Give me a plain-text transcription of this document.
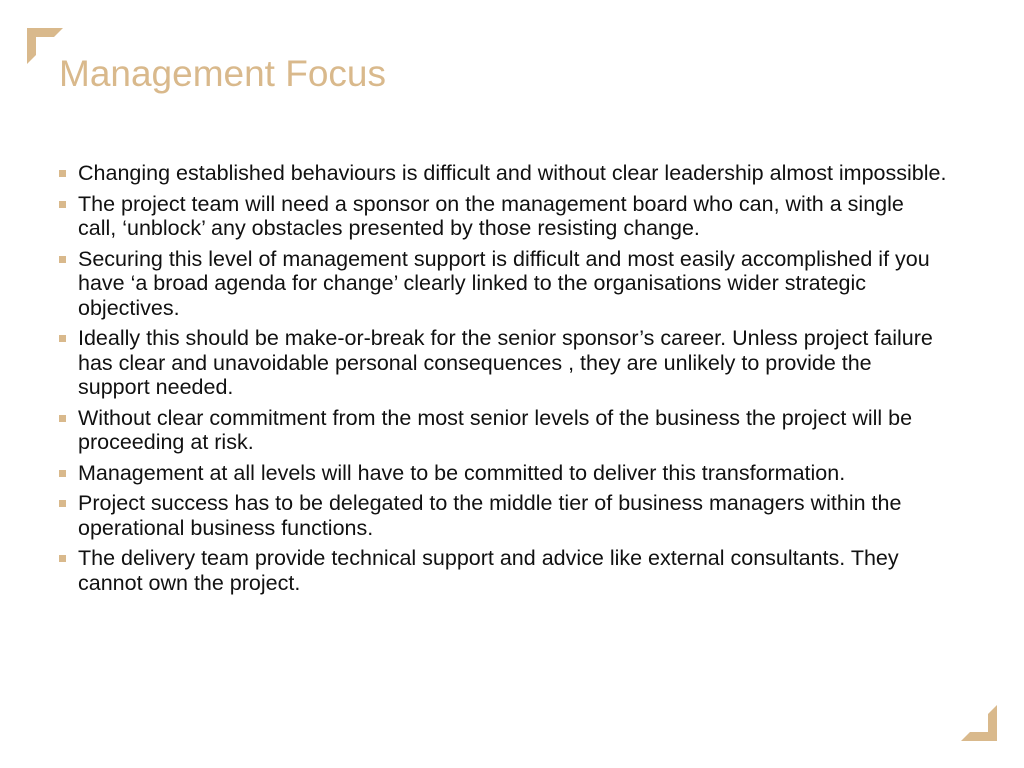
Management Focus
Changing established behaviours is difficult and without clear leadership almost impossible.
The project team will need a sponsor on the management board who can, with a single call, ‘unblock’ any obstacles presented by those resisting change.
Securing this level of management support is difficult and most easily accomplished if you have ‘a broad agenda for change’ clearly linked to the organisations wider strategic objectives.
Ideally this should be make-or-break for the senior sponsor’s career. Unless project failure has clear and unavoidable personal consequences , they are unlikely to provide the support needed.
Without clear commitment from the most senior levels of the business the project will be proceeding at risk.
Management at all levels will have to be committed to deliver this transformation.
Project success has to be delegated to the middle tier of business managers within the operational business functions.
The delivery team provide technical support and advice like external consultants. They cannot own the project.
